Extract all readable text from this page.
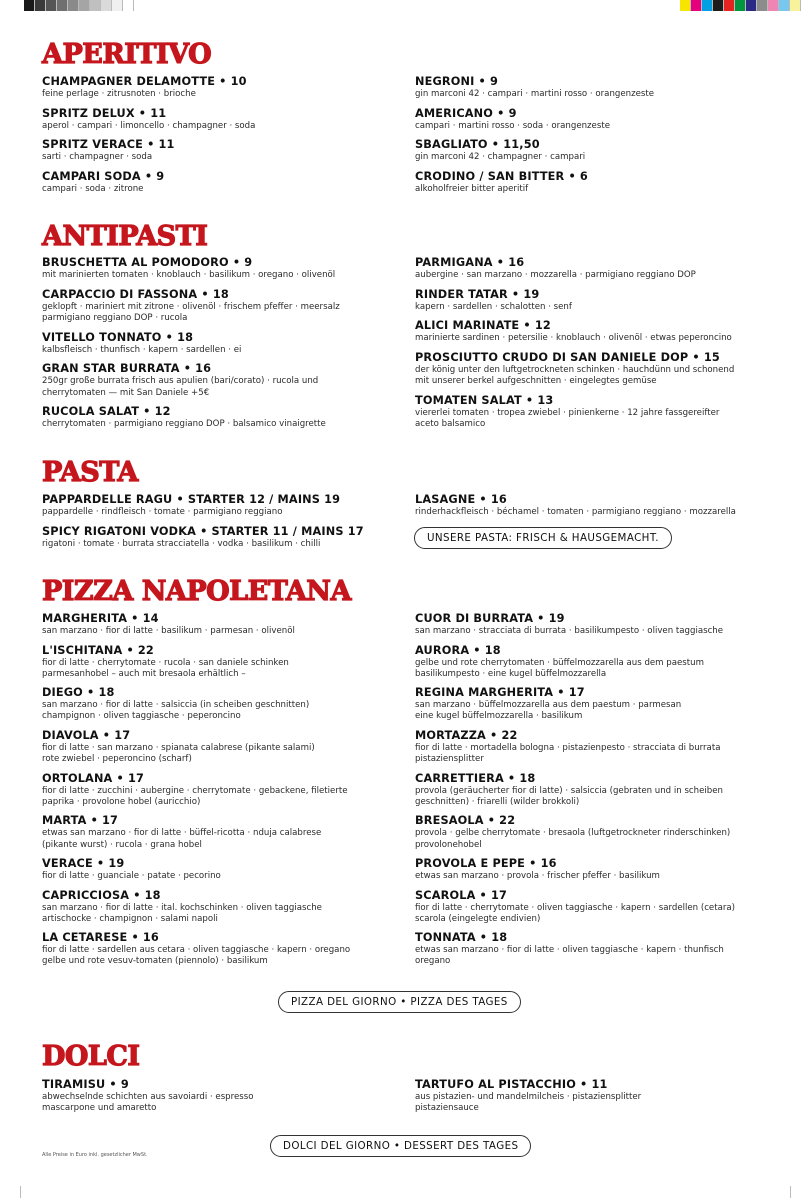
APERITIVO
CHAMPAGNER DELAMOTTE • 10
feine perlage · zitrusnoten · brioche
SPRITZ DELUX • 11
aperol · campari · limoncello · champagner · soda
SPRITZ VERACE • 11
sarti · champagner · soda
CAMPARI SODA • 9
campari · soda · zitrone
NEGRONI • 9
gin marconi 42 · campari · martini rosso · orangenzeste
AMERICANO • 9
campari · martini rosso · soda · orangenzeste
SBAGLIATO • 11,50
gin marconi 42 · champagner · campari
CRODINO / SAN BITTER • 6
alkoholfreier bitter aperitif
ANTIPASTI
BRUSCHETTA AL POMODORO • 9
mit marinierten tomaten · knoblauch · basilikum · oregano · olivenöl
CARPACCIO DI FASSONA • 18
geklopft · mariniert mit zitrone · olivenöl · frischem pfeffer · meersalz
parmigiano reggiano DOP · rucola
VITELLO TONNATO • 18
kalbsfleisch · thunfisch · kapern · sardellen · ei
GRAN STAR BURRATA • 16
250gr große burrata frisch aus apulien (bari/corato) · rucola und
cherrytomaten — mit San Daniele +5€
RUCOLA SALAT • 12
cherrytomaten · parmigiano reggiano DOP · balsamico vinaigrette
PARMIGANA • 16
aubergine · san marzano · mozzarella · parmigiano reggiano DOP
RINDER TATAR • 19
kapern · sardellen · schalotten · senf
ALICI MARINATE • 12
marinierte sardinen · petersilie · knoblauch · olivenöl · etwas peperoncino
PROSCIUTTO CRUDO DI SAN DANIELE DOP • 15
der könig unter den luftgetrockneten schinken · hauchdünn und schonend
mit unserer berkel aufgeschnitten · eingelegtes gemüse
TOMATEN SALAT • 13
viererlei tomaten · tropea zwiebel · pinienkerne · 12 jahre fassgereifter
aceto balsamico
PASTA
PAPPARDELLE RAGU • STARTER 12 / MAINS 19
pappardelle · rindfleisch · tomate · parmigiano reggiano
SPICY RIGATONI VODKA • STARTER 11 / MAINS 17
rigatoni · tomate · burrata stracciatella · vodka · basilikum · chilli
LASAGNE • 16
rinderhackfleisch · béchamel · tomaten · parmigiano reggiano · mozzarella
UNSERE PASTA: FRISCH & HAUSGEMACHT.
PIZZA NAPOLETANA
MARGHERITA • 14
san marzano · fior di latte · basilikum · parmesan · olivenöl
L'ISCHITANA • 22
fior di latte · cherrytomate · rucola · san daniele schinken
parmesanhobel – auch mit bresaola erhältlich –
DIEGO • 18
san marzano · fior di latte · salsiccia (in scheiben geschnitten)
champignon · oliven taggiasche · peperoncino
DIAVOLA • 17
fior di latte · san marzano · spianata calabrese (pikante salami)
rote zwiebel · peperoncino (scharf)
ORTOLANA • 17
fior di latte · zucchini · aubergine · cherrytomate · gebackene, filetierte
paprika · provolone hobel (auricchio)
MARTA • 17
etwas san marzano · fior di latte · büffel-ricotta · nduja calabrese
(pikante wurst) · rucola · grana hobel
VERACE • 19
fior di latte · guanciale · patate · pecorino
CAPRICCIOSA • 18
san marzano · fior di latte · ital. kochschinken · oliven taggiasche
artischocke · champignon · salami napoli
LA CETARESE • 16
fior di latte · sardellen aus cetara · oliven taggiasche · kapern · oregano
gelbe und rote vesuv-tomaten (piennolo) · basilikum
CUOR DI BURRATA • 19
san marzano · stracciata di burrata · basilikumpesto · oliven taggiasche
AURORA • 18
gelbe und rote cherrytomaten · büffelmozzarella aus dem paestum
basilikumpesto · eine kugel büffelmozzarella
REGINA MARGHERITA • 17
san marzano · büffelmozzarella aus dem paestum · parmesan
eine kugel büffelmozzarella · basilikum
MORTAZZA • 22
fior di latte · mortadella bologna · pistazienpesto · stracciata di burrata
pistaziensplitter
CARRETTIERA • 18
provola (geräucherter fior di latte) · salsiccia (gebraten und in scheiben
geschnitten) · friarelli (wilder brokkoli)
BRESAOLA • 22
provola · gelbe cherrytomate · bresaola (luftgetrockneter rinderschinken)
provolonehobel
PROVOLA E PEPE • 16
etwas san marzano · provola · frischer pfeffer · basilikum
SCAROLA • 17
fior di latte · cherrytomate · oliven taggiasche · kapern · sardellen (cetara)
scarola (eingelegte endivien)
TONNATA • 18
etwas san marzano · fior di latte · oliven taggiasche · kapern · thunfisch
oregano
PIZZA DEL GIORNO • PIZZA DES TAGES
DOLCI
TIRAMISU • 9
abwechselnde schichten aus savoiardi · espresso
mascarpone und amaretto
TARTUFO AL PISTACCHIO • 11
aus pistazien- und mandelmilcheis · pistaziensplitter
pistaziensauce
DOLCI DEL GIORNO • DESSERT DES TAGES
Alle Preise in Euro inkl. gesetzlicher MwSt.
